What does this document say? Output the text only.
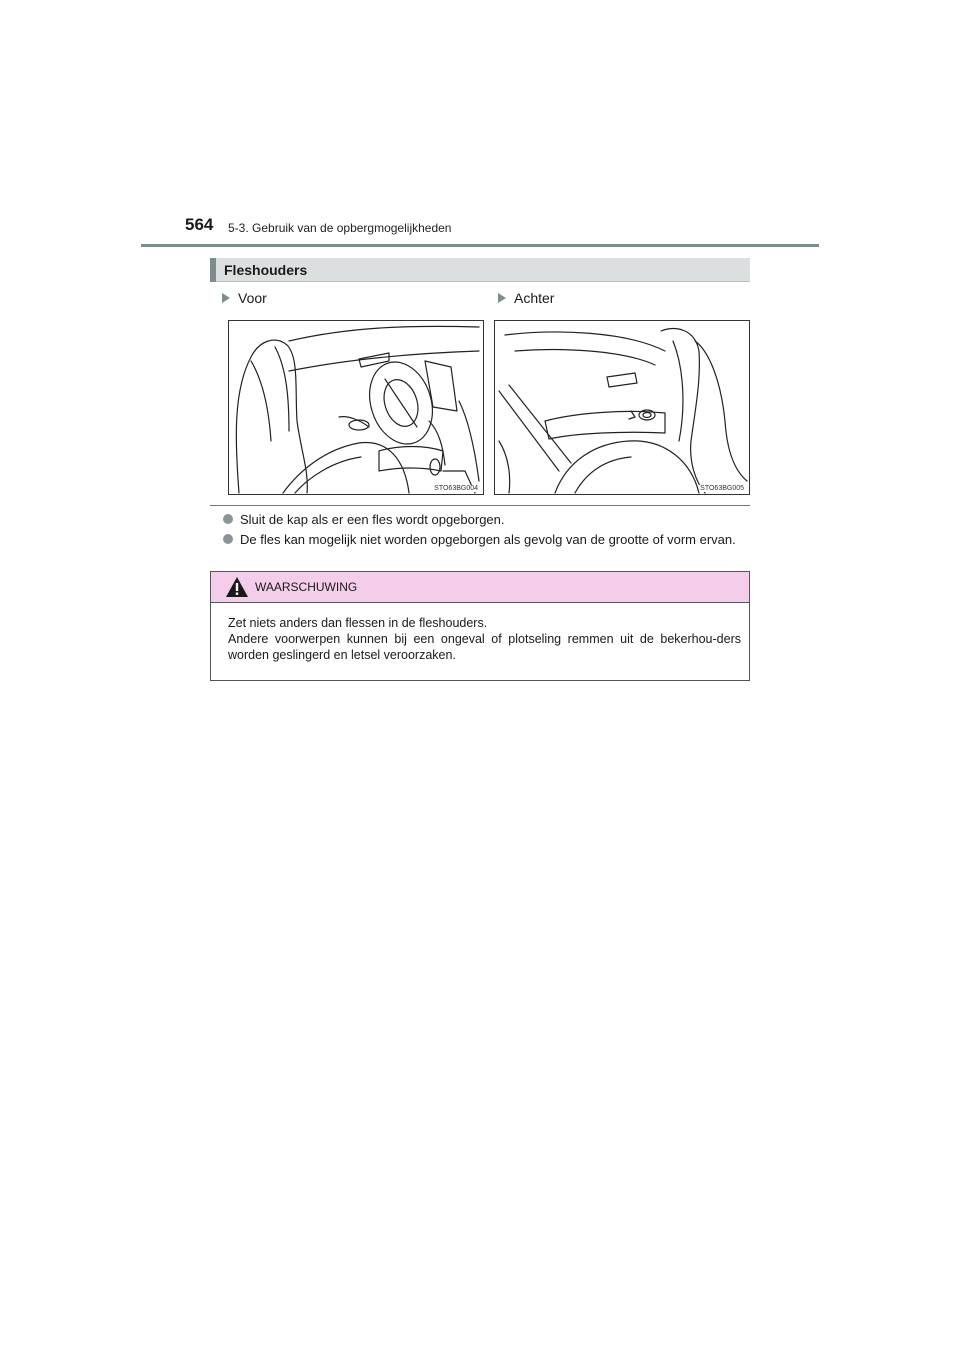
564 5-3. Gebruik van de opbergmogelijkheden
Fleshouders
Voor	Achter
STO63BG004	STO63BG005
Sluit de kap als er een fles wordt opgeborgen.
De fles kan mogelijk niet worden opgeborgen als gevolg van de grootte of vorm ervan.
WAARSCHUWING

Zet niets anders dan flessen in de fleshouders.

Andere voorwerpen kunnen bij een ongeval of plotseling remmen uit de bekerhou-ders worden geslingerd en letsel veroorzaken.
